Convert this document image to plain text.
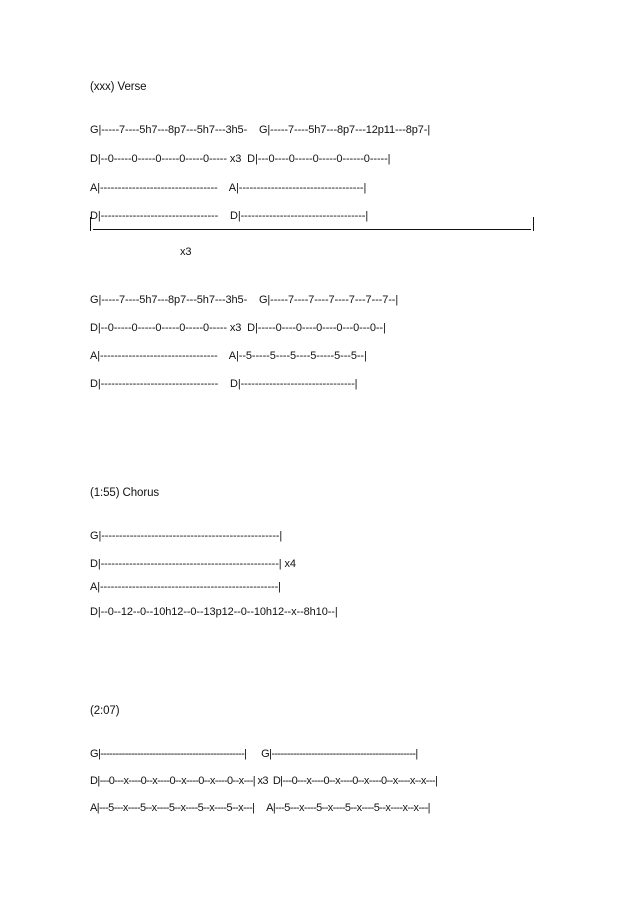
(xxx) Verse
G|-----7----5h7---8p7---5h7---3h5-    G|-----7----5h7---8p7---12p11---8p7-|
D|--0-----0-----0-----0-----0----- x3  D|---0----0-----0-----0------0-----|
A|---------------------------------    A|-----------------------------------|
D|---------------------------------    D|-----------------------------------|
x3
G|-----7----5h7---8p7---5h7---3h5-    G|-----7----7----7----7---7---7--|
D|--0-----0-----0-----0-----0----- x3  D|-----0----0----0----0---0---0--|
A|---------------------------------    A|--5-----5----5----5-----5---5--|
D|---------------------------------    D|--------------------------------|
(1:55) Chorus
G|--------------------------------------------------|
D|--------------------------------------------------| x4
A|--------------------------------------------------|
D|--0--12--0--10h12--0--13p12--0--10h12--x--8h10--|
(2:07)
G|-----------------------------------------------|      G|-----------------------------------------------|
D|---0---x----0--x----0--x----0--x----0--x---| x3  D|---0---x----0--x----0--x----0--x----x--x---|
A|---5---x----5--x----5--x----5--x----5--x---|     A|---5---x----5--x----5--x----5--x----x--x---|
